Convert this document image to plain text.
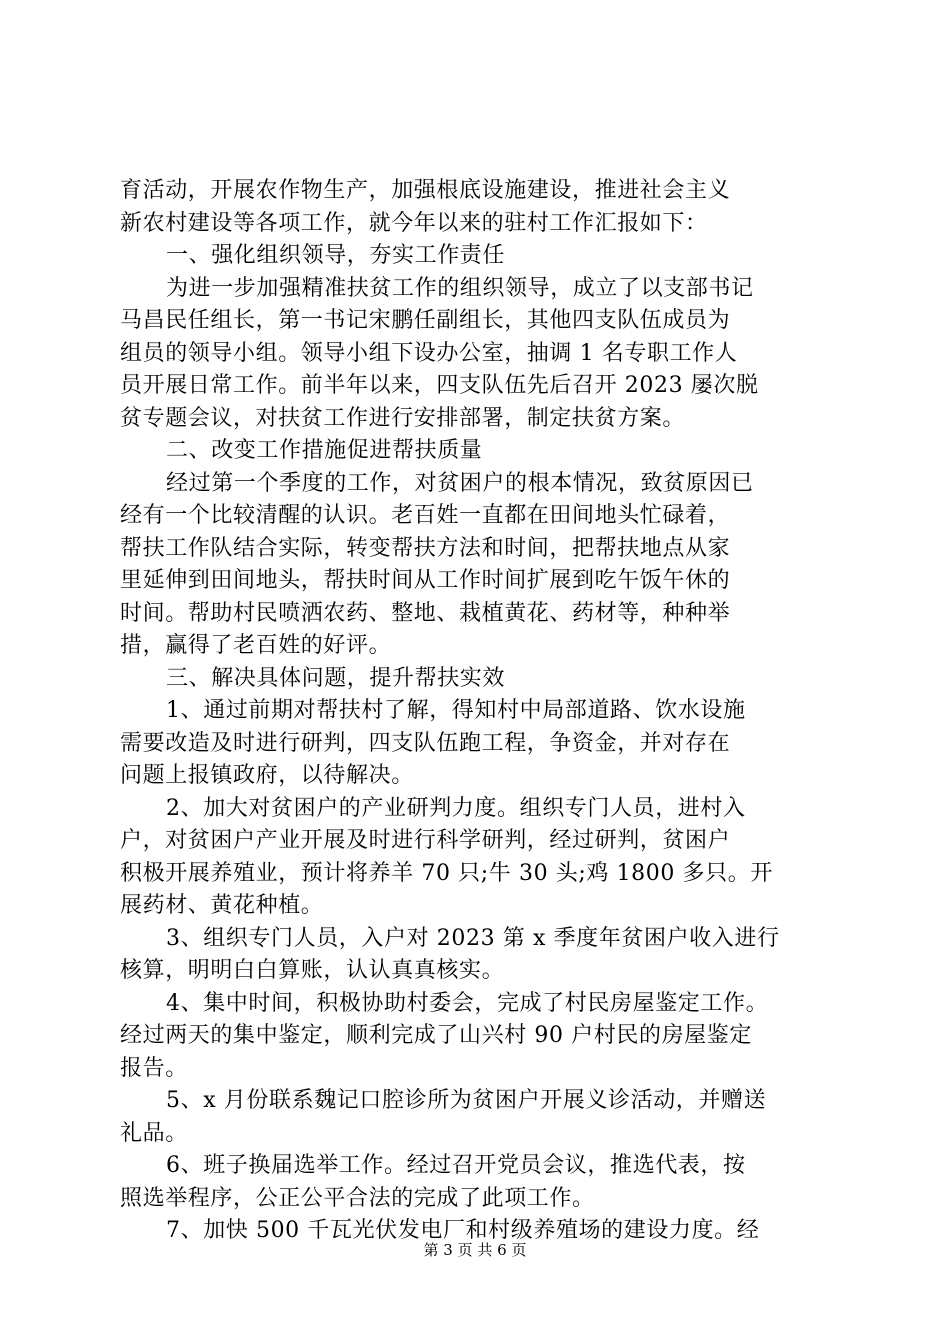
育活动，开展农作物生产，加强根底设施建设，推进社会主义
新农村建设等各项工作，就今年以来的驻村工作汇报如下：
一、强化组织领导，夯实工作责任
为进一步加强精准扶贫工作的组织领导，成立了以支部书记
马昌民任组长，第一书记宋鹏任副组长，其他四支队伍成员为
组员的领导小组。领导小组下设办公室，抽调 1 名专职工作人
员开展日常工作。前半年以来，四支队伍先后召开 2023 屡次脱
贫专题会议，对扶贫工作进行安排部署，制定扶贫方案。
二、改变工作措施促进帮扶质量
经过第一个季度的工作，对贫困户的根本情况，致贫原因已
经有一个比较清醒的认识。老百姓一直都在田间地头忙碌着，
帮扶工作队结合实际，转变帮扶方法和时间，把帮扶地点从家
里延伸到田间地头，帮扶时间从工作时间扩展到吃午饭午休的
时间。帮助村民喷洒农药、整地、栽植黄花、药材等，种种举
措，赢得了老百姓的好评。
三、解决具体问题，提升帮扶实效
1、通过前期对帮扶村了解，得知村中局部道路、饮水设施
需要改造及时进行研判，四支队伍跑工程，争资金，并对存在
问题上报镇政府，以待解决。
2、加大对贫困户的产业研判力度。组织专门人员，进村入
户，对贫困户产业开展及时进行科学研判，经过研判，贫困户
积极开展养殖业，预计将养羊 70 只;牛 30 头;鸡 1800 多只。开
展药材、黄花种植。
3、组织专门人员，入户对 2023 第 x 季度年贫困户收入进行
核算，明明白白算账，认认真真核实。
4、集中时间，积极协助村委会，完成了村民房屋鉴定工作。
经过两天的集中鉴定，顺利完成了山兴村 90 户村民的房屋鉴定
报告。
5、x 月份联系魏记口腔诊所为贫困户开展义诊活动，并赠送
礼品。
6、班子换届选举工作。经过召开党员会议，推选代表，按
照选举程序，公正公平合法的完成了此项工作。
7、加快 500 千瓦光伏发电厂和村级养殖场的建设力度。经
第 3 页 共 6 页
